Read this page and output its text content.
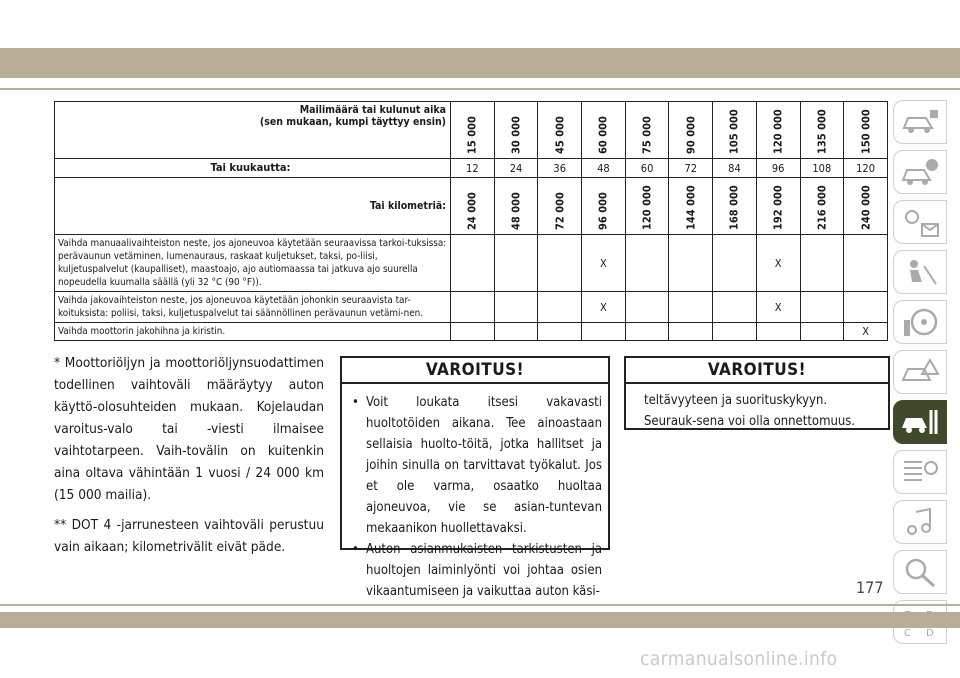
Mailimäärä tai kulunut aika
(sen mukaan, kumpi täyttyy ensin)	15 000	30 000	45 000	60 000	75 000	90 000	105 000	120 000	135 000	150 000

Tai kuukautta:	12	24	36	48	60	72	84	96	108	120
Tai kilometriä:	24 000	48 000	72 000	96 000	120 000	144 000	168 000	192 000	216 000	240 000

Vaihda manuaalivaihteiston neste, jos ajoneuvoa käytetään seuraavissa tarkoi-tuksissa: perävaunun vetäminen, lumenauraus, raskaat kuljetukset, taksi, po-liisi, kuljetuspalvelut (kaupalliset), maastoajo, ajo autiomaassa tai jatkuva ajo suurella nopeudella kuumalla säällä (yli 32 °C (90 °F)).				X				X		
Vaihda jakovaihteiston neste, jos ajoneuvoa käytetään johonkin seuraavista tar-koituksista: poliisi, taksi, kuljetuspalvelut tai säännöllinen perävaunun vetämi-nen.				X				X		
Vaihda moottorin jakohihna ja kiristin.										X

* Moottoriöljyn ja moottoriöljynsuodattimen todellinen vaihtoväli määräytyy auton käyttö-olosuhteiden mukaan. Kojelaudan varoitus-valo tai -viesti ilmaisee vaihtotarpeen. Vaih-tovälin on kuitenkin aina oltava vähintään 1 vuosi / 24 000 km (15 000 mailia).

** DOT 4 -jarrunesteen vaihtoväli perustuu vain aikaan; kilometrivälit eivät päde.

VAROITUS!
• Voit loukata itsesi vakavasti huoltotöiden aikana. Tee ainoastaan sellaisia huolto-töitä, jotka hallitset ja joihin sinulla on tarvittavat työkalut. Jos et ole varma, osaatko huoltaa ajoneuvoa, vie se asian-tuntevan mekaanikon huollettavaksi.
• Auton asianmukaisten tarkistusten ja huoltojen laiminlyönti voi johtaa osien vikaantumiseen ja vaikuttaa auton käsi-
VAROITUS!
teltävyyteen ja suorituskykyyn. Seurauk-sena voi olla onnettomuus.
C D
177
carmanualsonline.info
